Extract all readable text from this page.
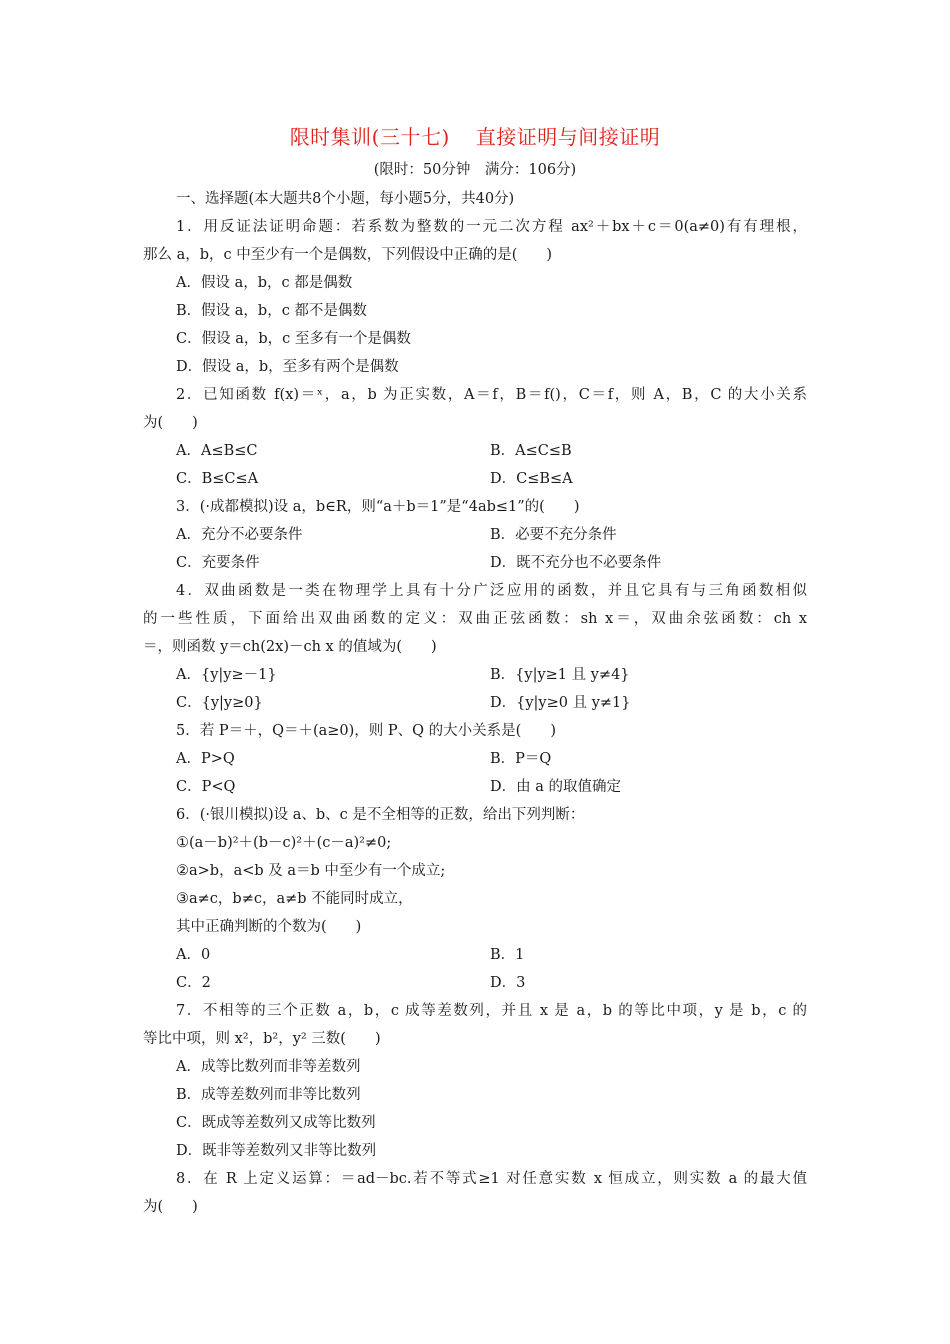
限时集训(三十七) 直接证明与间接证明
(限时：50分钟　满分：106分)
一、选择题(本大题共8个小题，每小题5分，共40分)
1．用反证法证明命题：若系数为整数的一元二次方程 ax²＋bx＋c＝0(a≠0)有有理根，
那么 a，b，c 中至少有一个是偶数，下列假设中正确的是(　　)
A．假设 a，b，c 都是偶数
B．假设 a，b，c 都不是偶数
C．假设 a，b，c 至多有一个是偶数
D．假设 a，b，至多有两个是偶数
2．已知函数 f(x)＝ˣ，a，b 为正实数，A＝f，B＝f()，C＝f，则 A，B，C 的大小关系
为(　　)
A．A≤B≤C	B．A≤C≤B
C．B≤C≤A	D．C≤B≤A
3．(·成都模拟)设 a，b∈R，则“a＋b＝1”是“4ab≤1”的(　　)
A．充分不必要条件	B．必要不充分条件
C．充要条件	D．既不充分也不必要条件
4．双曲函数是一类在物理学上具有十分广泛应用的函数，并且它具有与三角函数相似
的一些性质，下面给出双曲函数的定义：双曲正弦函数：sh x＝，双曲余弦函数：ch x
＝，则函数 y＝ch(2x)－ch x 的值域为(　　)
A．{y|y≥－1}	B．{y|y≥1 且 y≠4}
C．{y|y≥0}	D．{y|y≥0 且 y≠1}
5．若 P＝＋，Q＝＋(a≥0)，则 P、Q 的大小关系是(　　)
A．P>Q	B．P＝Q
C．P<Q	D．由 a 的取值确定
6．(·银川模拟)设 a、b、c 是不全相等的正数，给出下列判断：
①(a－b)²＋(b－c)²＋(c－a)²≠0;
②a>b，a<b 及 a＝b 中至少有一个成立;
③a≠c，b≠c，a≠b 不能同时成立，
其中正确判断的个数为(　　)
A．0	B．1
C．2	D．3
7．不相等的三个正数 a，b，c 成等差数列，并且 x 是 a，b 的等比中项，y 是 b，c 的
等比中项，则 x²，b²，y² 三数(　　)
A．成等比数列而非等差数列
B．成等差数列而非等比数列
C．既成等差数列又成等比数列
D．既非等差数列又非等比数列
8．在 R 上定义运算：＝ad－bc.若不等式≥1 对任意实数 x 恒成立，则实数 a 的最大值
为(　　)
